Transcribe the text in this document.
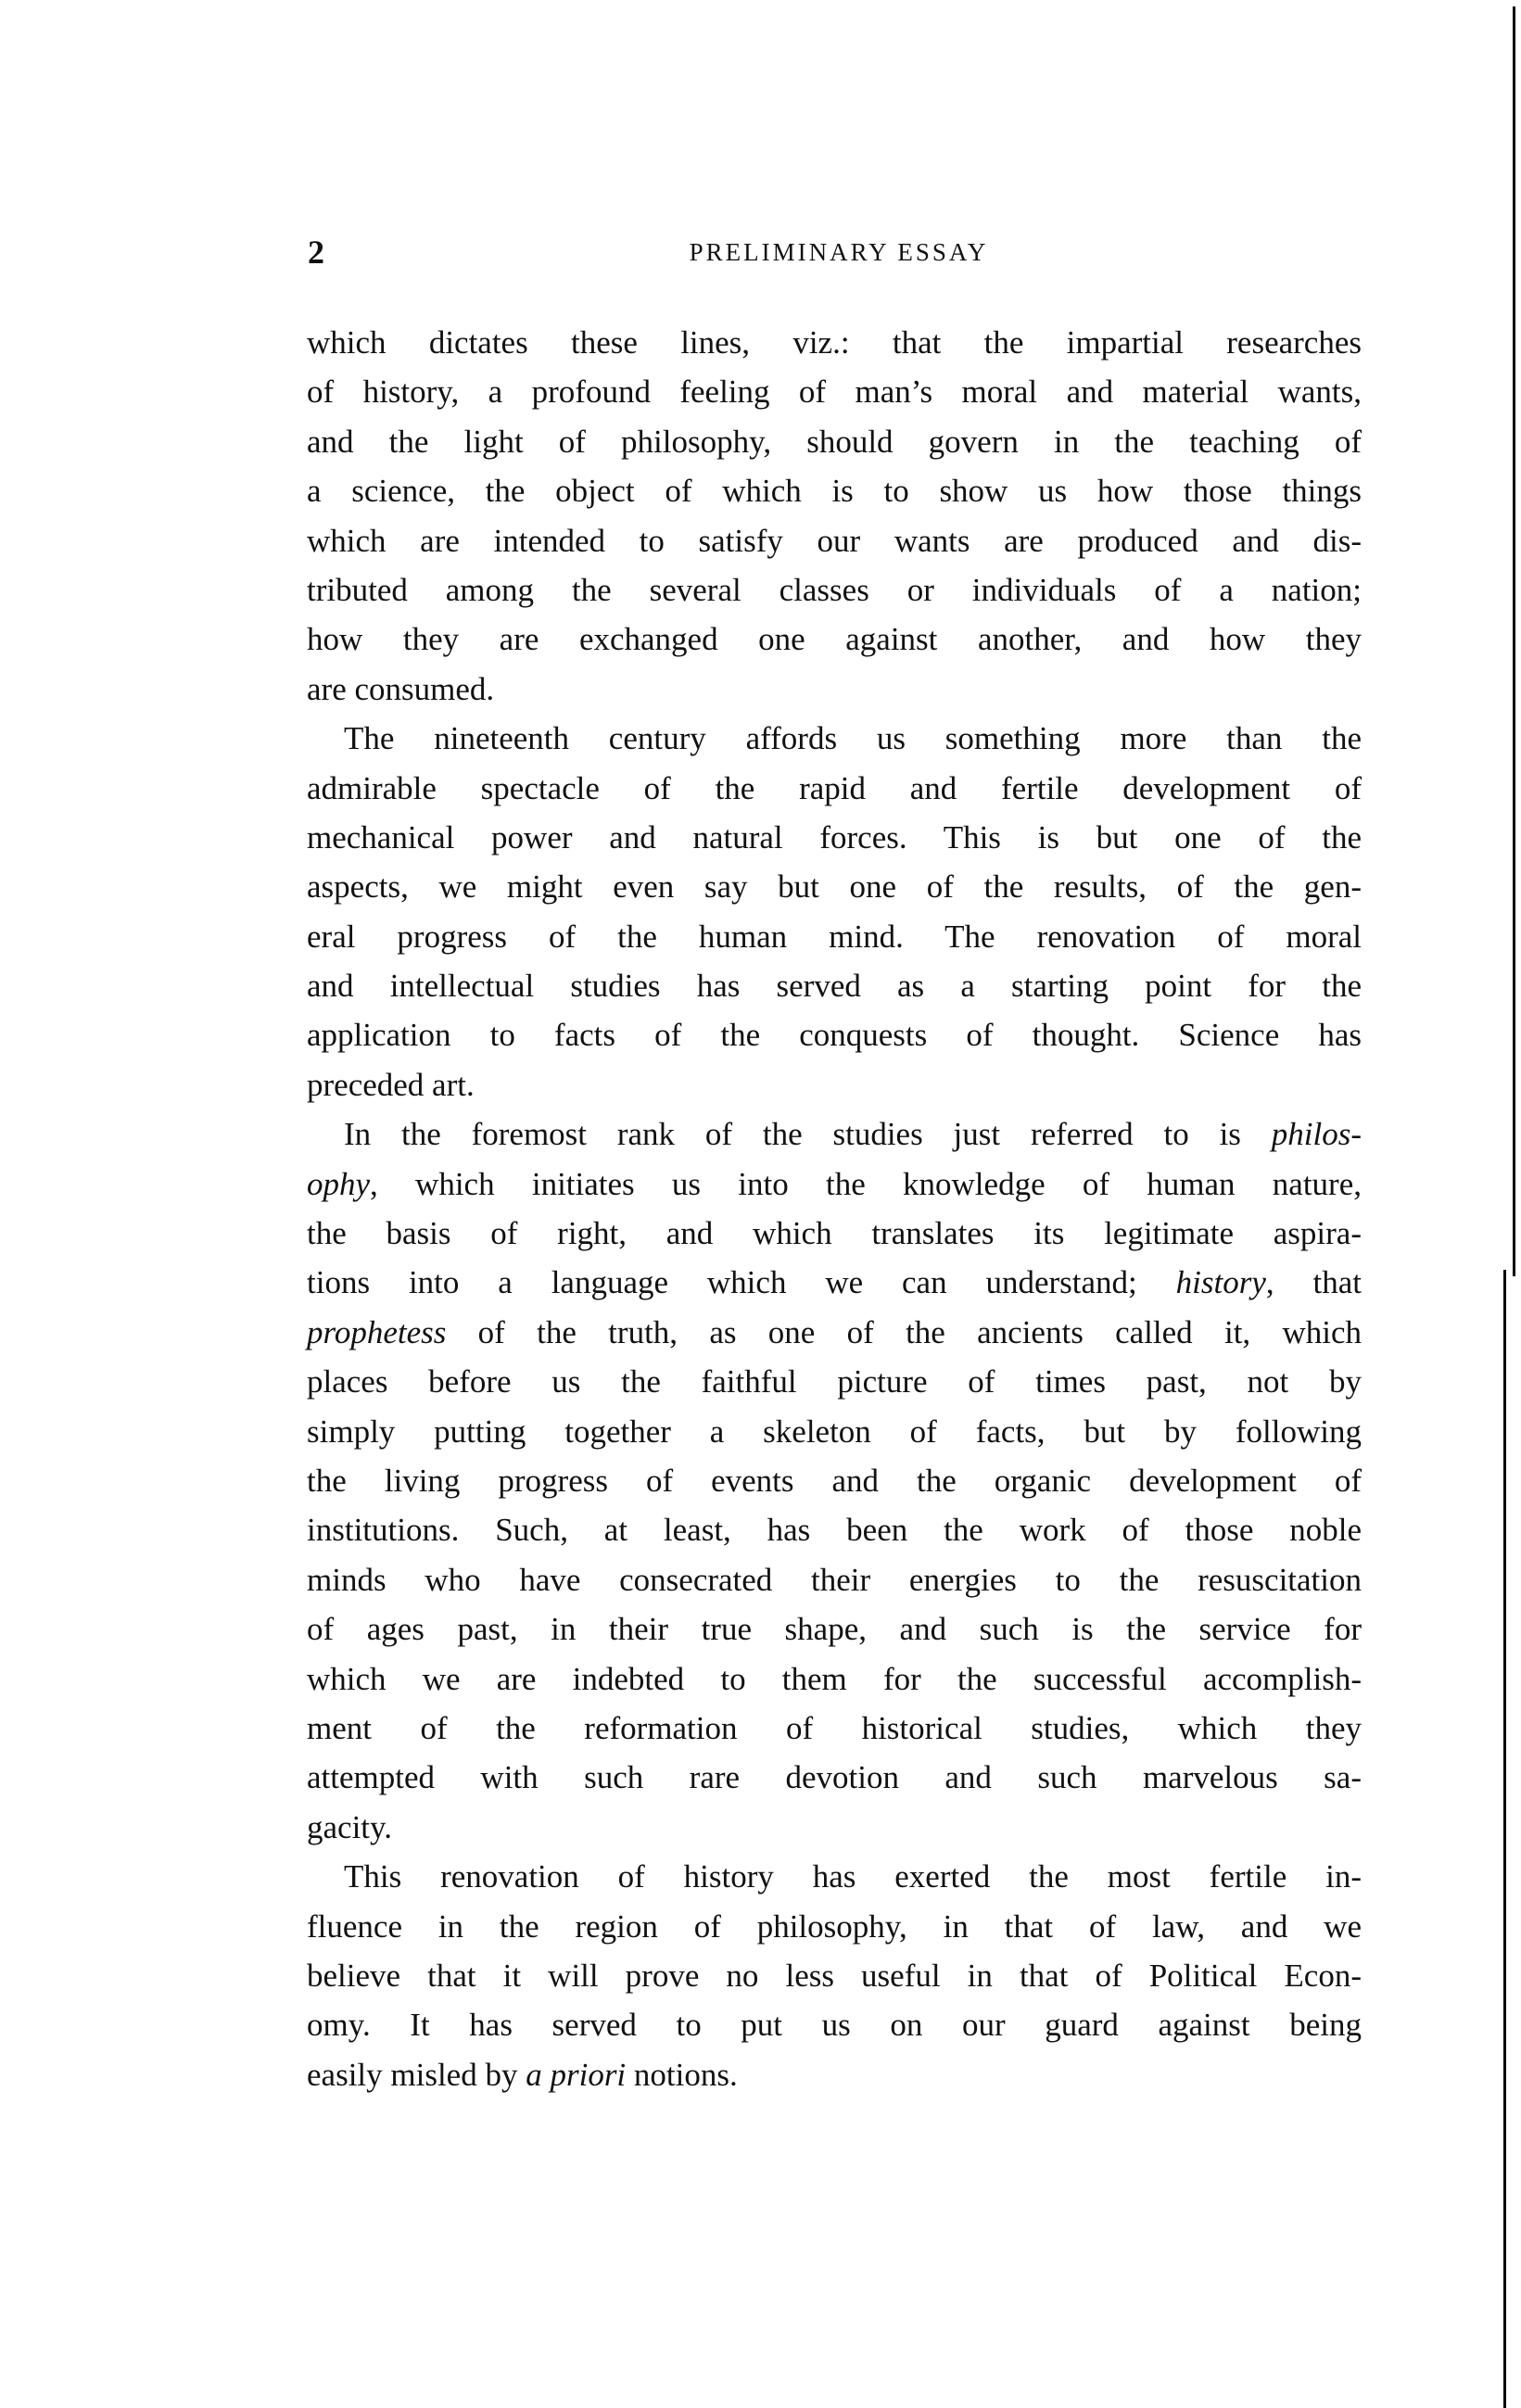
2	PRELIMINARY ESSAY
which dictates these lines, viz.: that the impartial researches
of history, a profound feeling of man’s moral and material wants,
and the light of philosophy, should govern in the teaching of
a science, the object of which is to show us how those things
which are intended to satisfy our wants are produced and dis-
tributed among the several classes or individuals of a nation;
how they are exchanged one against another, and how they
are consumed.
The nineteenth century affords us something more than the
admirable spectacle of the rapid and fertile development of
mechanical power and natural forces. This is but one of the
aspects, we might even say but one of the results, of the gen-
eral progress of the human mind. The renovation of moral
and intellectual studies has served as a starting point for the
application to facts of the conquests of thought. Science has
preceded art.
In the foremost rank of the studies just referred to is philos-
ophy, which initiates us into the knowledge of human nature,
the basis of right, and which translates its legitimate aspira-
tions into a language which we can understand; history, that
prophetess of the truth, as one of the ancients called it, which
places before us the faithful picture of times past, not by
simply putting together a skeleton of facts, but by following
the living progress of events and the organic development of
institutions. Such, at least, has been the work of those noble
minds who have consecrated their energies to the resuscitation
of ages past, in their true shape, and such is the service for
which we are indebted to them for the successful accomplish-
ment of the reformation of historical studies, which they
attempted with such rare devotion and such marvelous sa-
gacity.
This renovation of history has exerted the most fertile in-
fluence in the region of philosophy, in that of law, and we
believe that it will prove no less useful in that of Political Econ-
omy. It has served to put us on our guard against being
easily misled by a priori notions.
